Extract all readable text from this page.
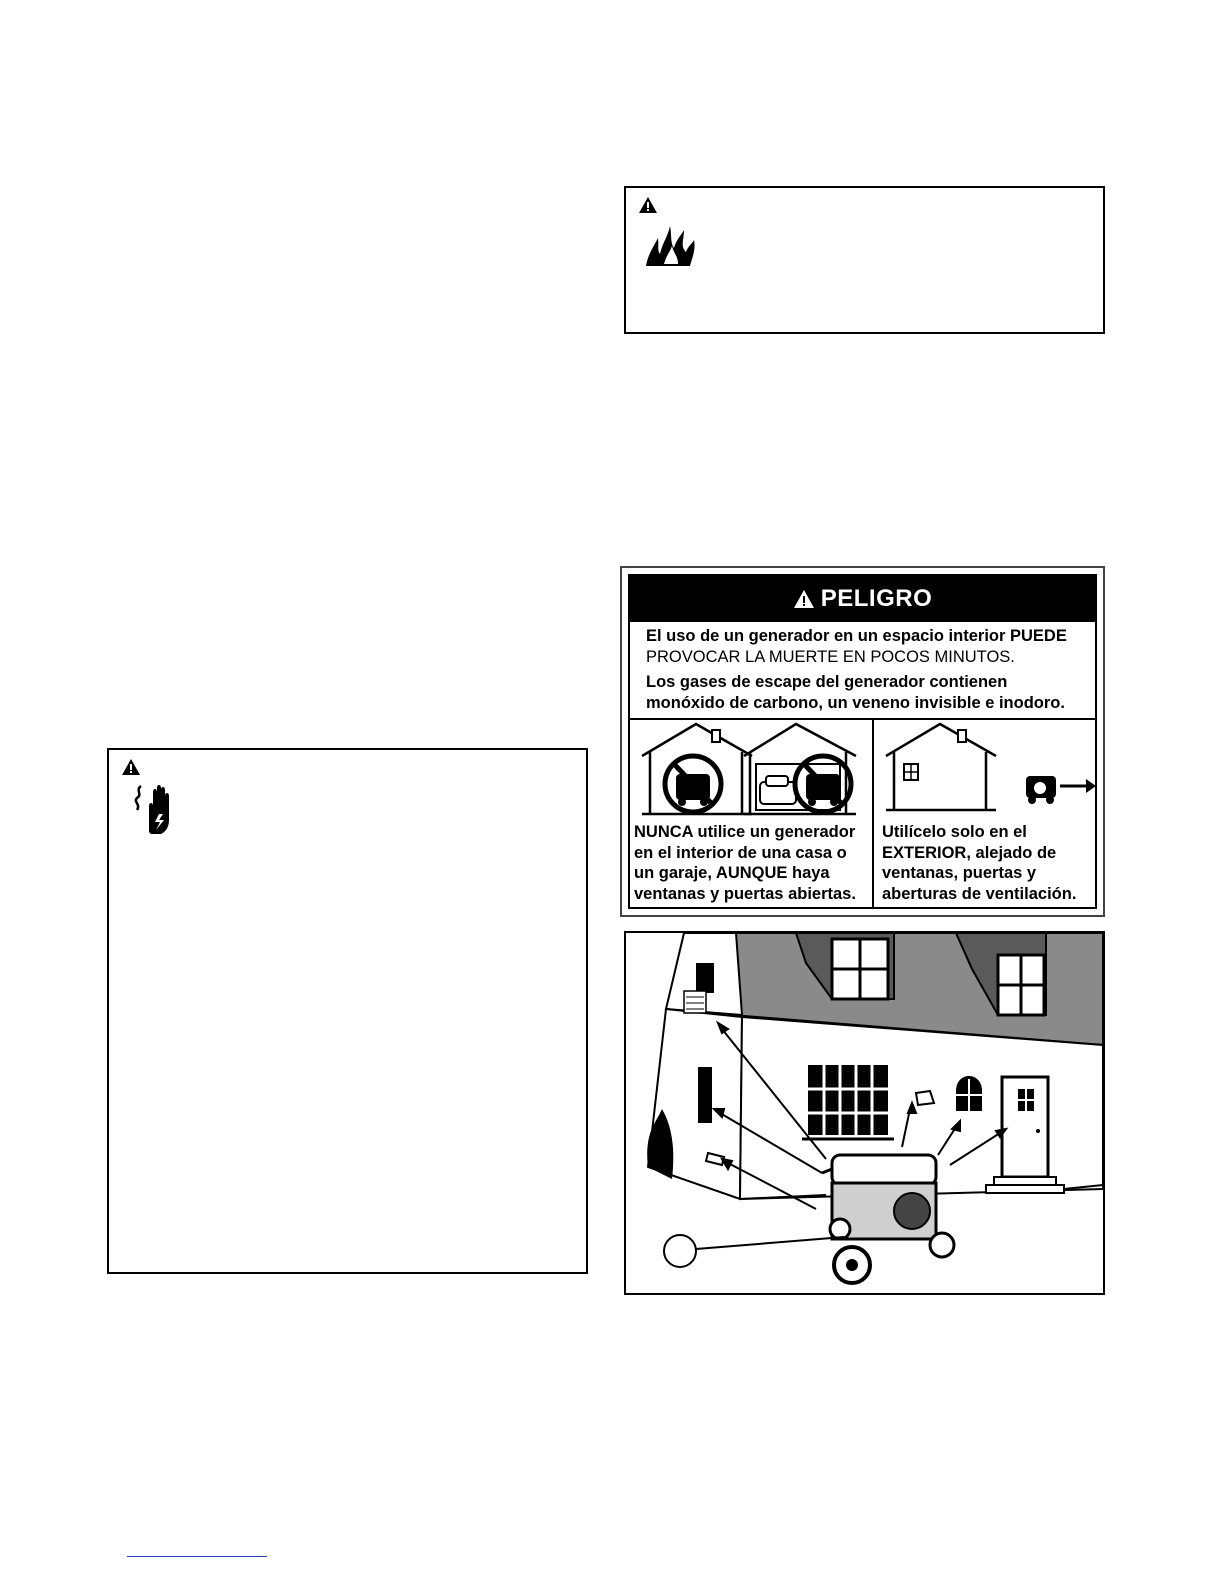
PELIGRO

El uso de un generador en un espacio interior PUEDE
PROVOCAR LA MUERTE EN POCOS MINUTOS.

Los gases de escape del generador contienen
monóxido de carbono, un veneno invisible e inodoro.

NUNCA utilice un generador en el interior de una casa o un garaje, AUNQUE haya ventanas y puertas abiertas.

Utilícelo solo en el EXTERIOR, alejado de ventanas, puertas y aberturas de ventilación.
